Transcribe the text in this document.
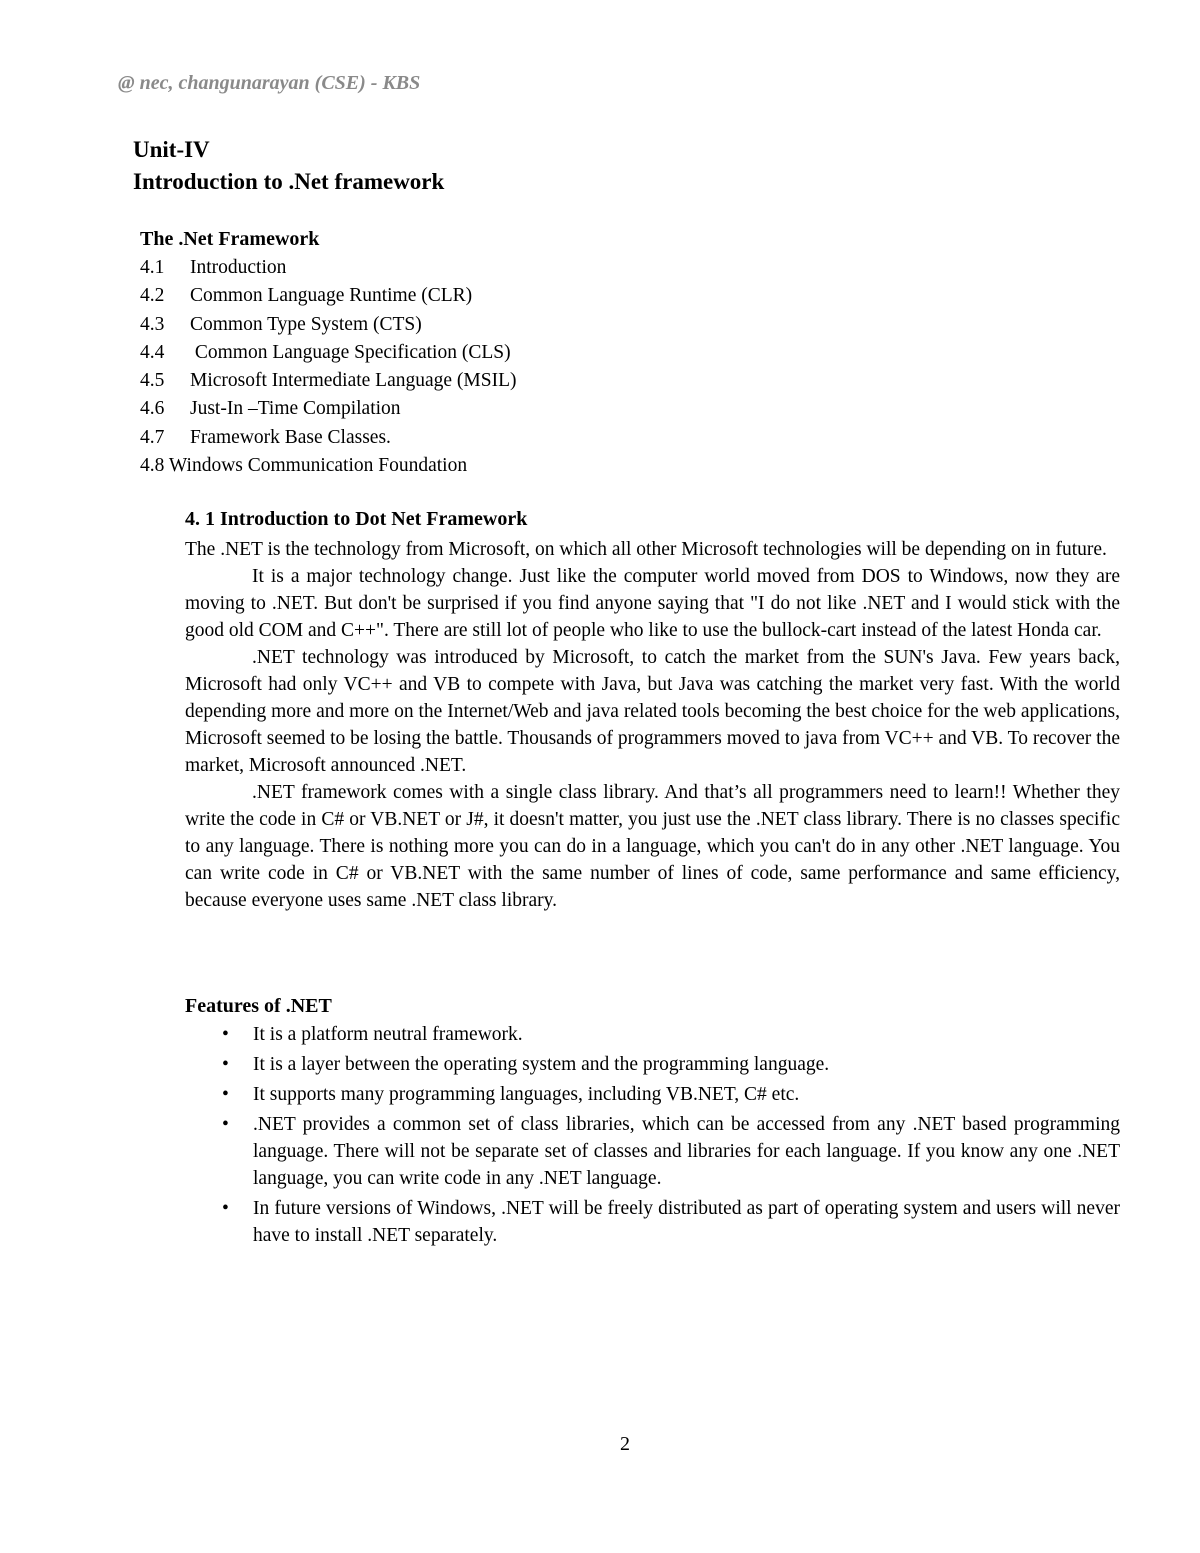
@ nec, changunarayan (CSE) - KBS
Unit-IV
Introduction to .Net framework
The .Net Framework
4.1 Introduction
4.2 Common Language Runtime (CLR)
4.3 Common Type System (CTS)
4.4 Common Language Specification (CLS)
4.5 Microsoft Intermediate Language (MSIL)
4.6 Just-In –Time Compilation
4.7 Framework Base Classes.
4.8 Windows Communication Foundation
4. 1 Introduction to Dot Net Framework

The .NET is the technology from Microsoft, on which all other Microsoft technologies will be depending on in future.

It is a major technology change. Just like the computer world moved from DOS to Windows, now they are moving to .NET. But don't be surprised if you find anyone saying that "I do not like .NET and I would stick with the good old COM and C++". There are still lot of people who like to use the bullock-cart instead of the latest Honda car.

.NET technology was introduced by Microsoft, to catch the market from the SUN's Java. Few years back, Microsoft had only VC++ and VB to compete with Java, but Java was catching the market very fast. With the world depending more and more on the Internet/Web and java related tools becoming the best choice for the web applications, Microsoft seemed to be losing the battle. Thousands of programmers moved to java from VC++ and VB. To recover the market, Microsoft announced .NET.

.NET framework comes with a single class library. And that’s all programmers need to learn!! Whether they write the code in C# or VB.NET or J#, it doesn't matter, you just use the .NET class library. There is no classes specific to any language. There is nothing more you can do in a language, which you can't do in any other .NET language. You can write code in C# or VB.NET with the same number of lines of code, same performance and same efficiency, because everyone uses same .NET class library.

Features of .NET
• It is a platform neutral framework.
• It is a layer between the operating system and the programming language.
• It supports many programming languages, including VB.NET, C# etc.
• .NET provides a common set of class libraries, which can be accessed from any .NET based programming language. There will not be separate set of classes and libraries for each language. If you know any one .NET language, you can write code in any .NET language.
• In future versions of Windows, .NET will be freely distributed as part of operating system and users will never have to install .NET separately.
2
